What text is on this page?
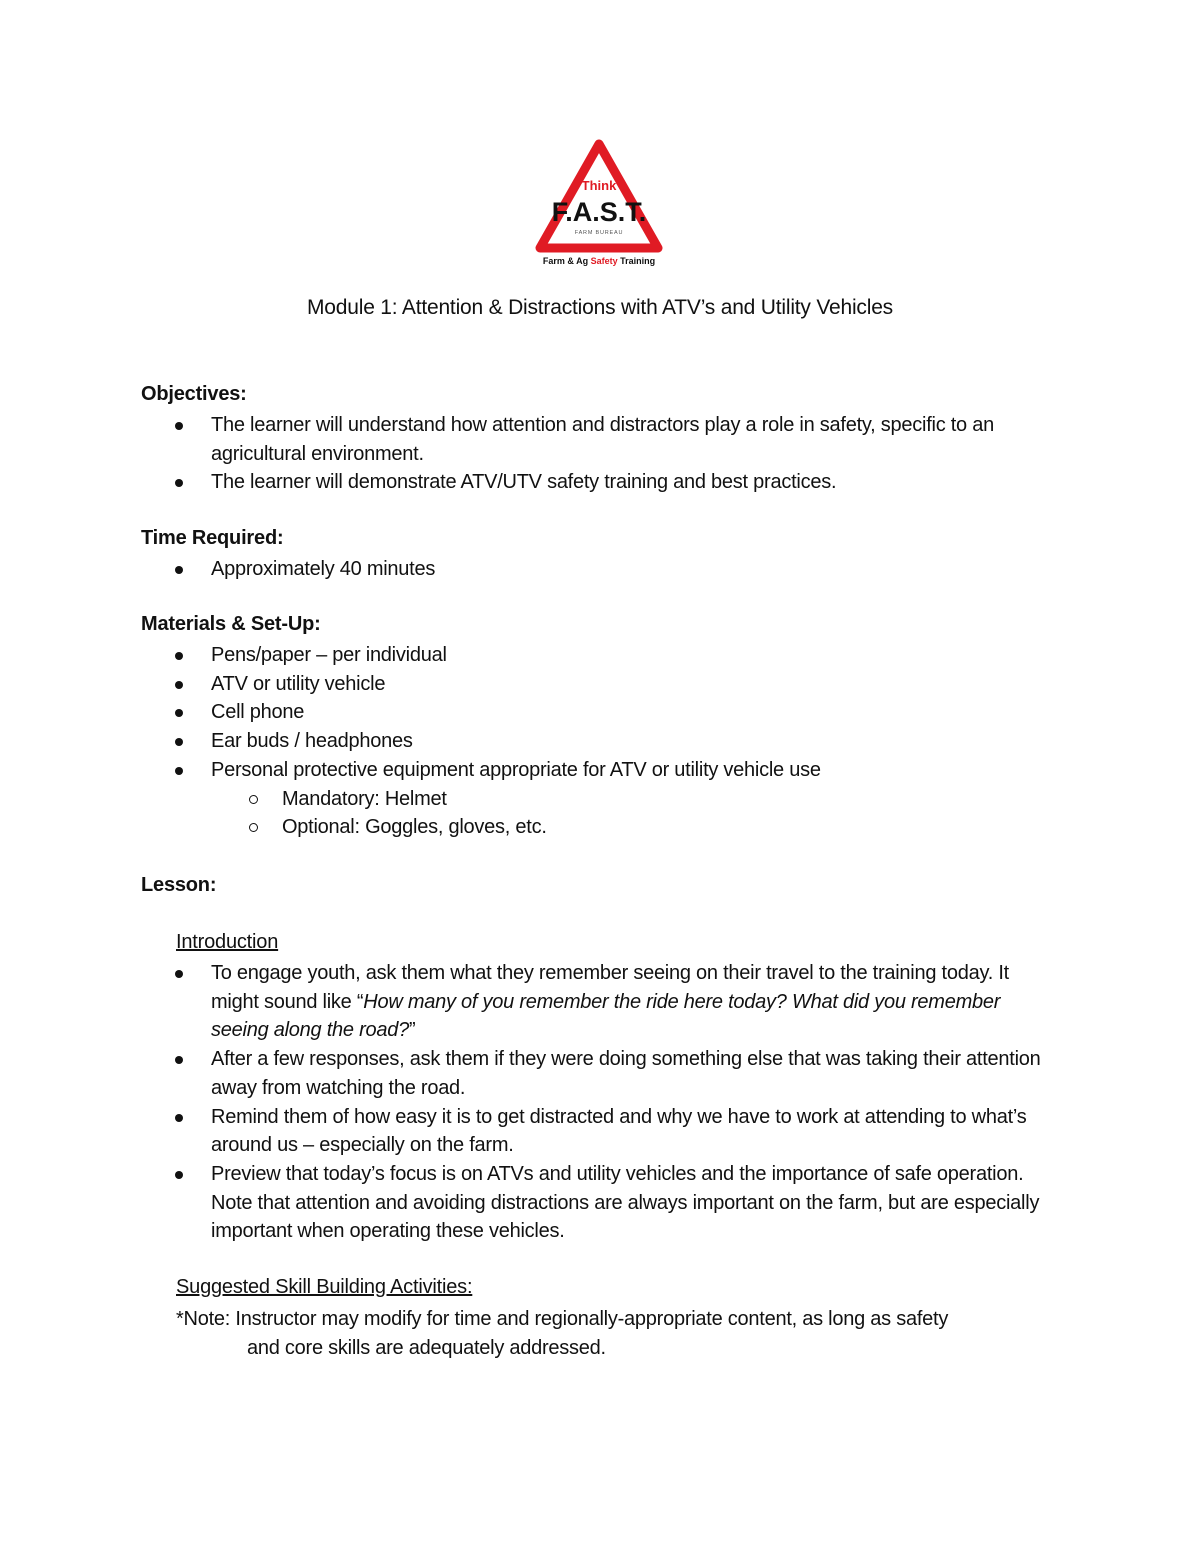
Think
F.A.S.T.
FARM BUREAU
Farm & Ag Safety Training
Module 1: Attention & Distractions with ATV’s and Utility Vehicles
Objectives:
The learner will understand how attention and distractors play a role in safety, specific to an agricultural environment.
The learner will demonstrate ATV/UTV safety training and best practices.
Time Required:
Approximately 40 minutes
Materials & Set-Up:
Pens/paper – per individual
ATV or utility vehicle
Cell phone
Ear buds / headphones
Personal protective equipment appropriate for ATV or utility vehicle use
Mandatory: Helmet
Optional: Goggles, gloves, etc.
Lesson:
Introduction
To engage youth, ask them what they remember seeing on their travel to the training today. It might sound like “How many of you remember the ride here today? What did you remember seeing along the road?”
After a few responses, ask them if they were doing something else that was taking their attention away from watching the road.
Remind them of how easy it is to get distracted and why we have to work at attending to what’s around us – especially on the farm.
Preview that today’s focus is on ATVs and utility vehicles and the importance of safe operation. Note that attention and avoiding distractions are always important on the farm, but are especially important when operating these vehicles.
Suggested Skill Building Activities:
*Note: Instructor may modify for time and regionally-appropriate content, as long as safety
and core skills are adequately addressed.
